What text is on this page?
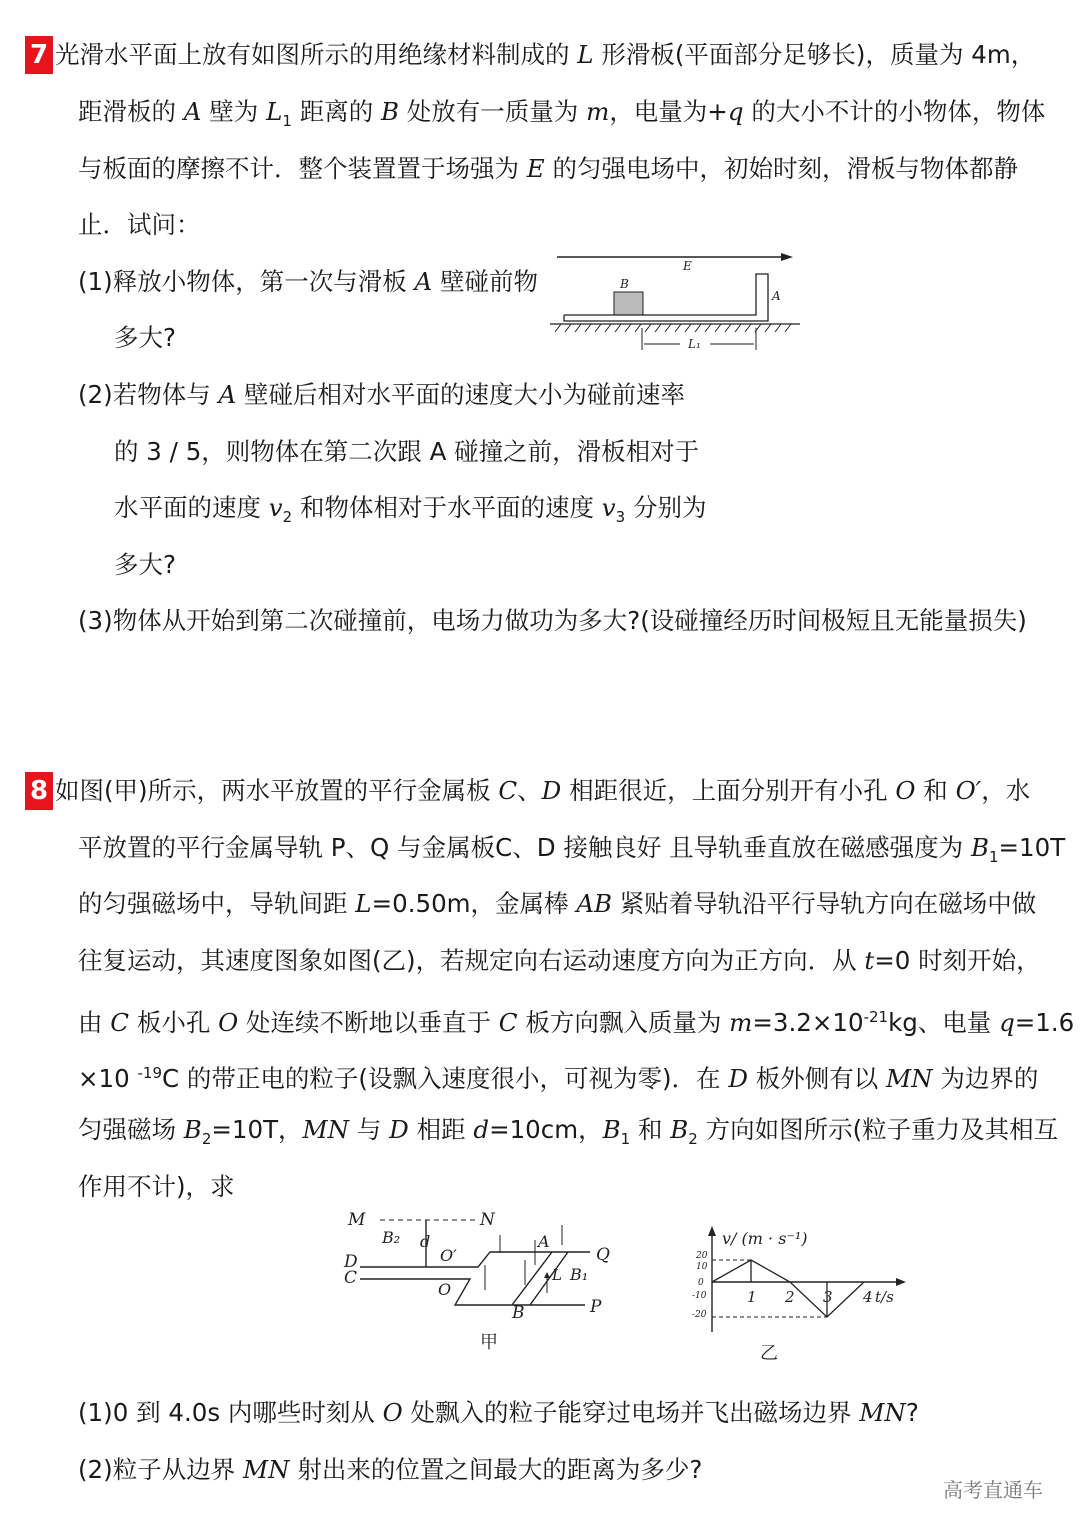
7
8
光滑水平面上放有如图所示的用绝缘材料制成的 L 形滑板(平面部分足够长)，质量为 4m，
距滑板的 A 壁为 $L_1$ 距离的 B 处放有一质量为 m，电量为+q 的大小不计的小物体，物体
与板面的摩擦不计．整个装置置于场强为 E 的匀强电场中，初始时刻，滑板与物体都静
止．试问：
(1)释放小物体，第一次与滑板 A 壁碰前物
多大?
(2)若物体与 A 壁碰后相对水平面的速度大小为碰前速率
的 3 / 5，则物体在第二次跟 A 碰撞之前，滑板相对于
水平面的速度 $v_2$ 和物体相对于水平面的速度 $v_3$ 分别为
多大?
(3)物体从开始到第二次碰撞前，电场力做功为多大?(设碰撞经历时间极短且无能量损失)
如图(甲)所示，两水平放置的平行金属板 C、D 相距很近，上面分别开有小孔 O 和 O′，水
平放置的平行金属导轨 P、Q 与金属板C、D 接触良好 且导轨垂直放在磁感强度为 $B_1=10T$
的匀强磁场中，导轨间距 L=0.50m，金属棒 AB 紧贴着导轨沿平行导轨方向在磁场中做
往复运动，其速度图象如图(乙)，若规定向右运动速度方向为正方向．从 t=0 时刻开始，
由 C 板小孔 O 处连续不断地以垂直于 C 板方向飘入质量为 $m=3.2\times 10^{-21}kg$、电量 q=1.6
×10 $^{-19}$C 的带正电的粒子(设飘入速度很小，可视为零)．在 D 板外侧有以 MN 为边界的
匀强磁场 $B_2=10T$，MN 与 D 相距 d=10cm，$B_1$ 和 $B_2$ 方向如图所示(粒子重力及其相互
作用不计)，求
(1)0 到 4.0s 内哪些时刻从 O 处飘入的粒子能穿过电场并飞出磁场边界 MN?
(2)粒子从边界 MN 射出来的位置之间最大的距离为多少?
E
B
A
L₁
M	N
B₂ d
D
C
O
O′
A
Q
L B₁
B	P
甲
v/ (m · s⁻¹)
20
10
0
-10
-20
1 2 3 4 t/s
乙
高考直通车
